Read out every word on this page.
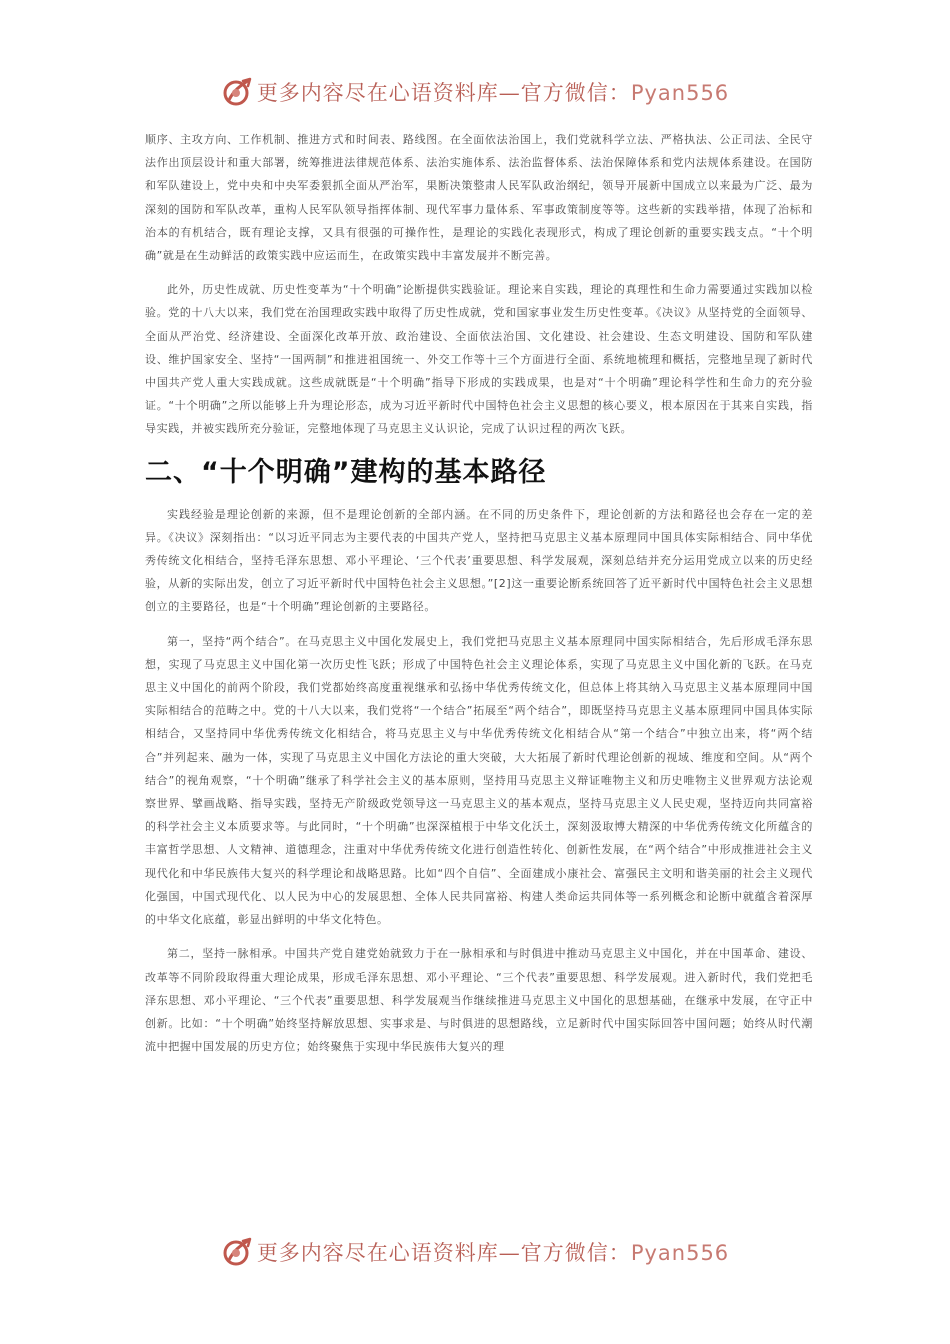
更多内容尽在心语资料库—官方微信：Pyan556

顺序、主攻方向、工作机制、推进方式和时间表、路线图。在全面依法治国上，我们党就科学立法、严格执法、公正司法、全民守法作出顶层设计和重大部署，统筹推进法律规范体系、法治实施体系、法治监督体系、法治保障体系和党内法规体系建设。在国防和军队建设上，党中央和中央军委狠抓全面从严治军，果断决策整肃人民军队政治纲纪，领导开展新中国成立以来最为广泛、最为深刻的国防和军队改革，重构人民军队领导指挥体制、现代军事力量体系、军事政策制度等等。这些新的实践举措，体现了治标和治本的有机结合，既有理论支撑，又具有很强的可操作性，是理论的实践化表现形式，构成了理论创新的重要实践支点。“十个明确”就是在生动鲜活的政策实践中应运而生，在政策实践中丰富发展并不断完善。

此外，历史性成就、历史性变革为“十个明确”论断提供实践验证。理论来自实践，理论的真理性和生命力需要通过实践加以检验。党的十八大以来，我们党在治国理政实践中取得了历史性成就，党和国家事业发生历史性变革。《决议》从坚持党的全面领导、全面从严治党、经济建设、全面深化改革开放、政治建设、全面依法治国、文化建设、社会建设、生态文明建设、国防和军队建设、维护国家安全、坚持“一国两制”和推进祖国统一、外交工作等十三个方面进行全面、系统地梳理和概括，完整地呈现了新时代中国共产党人重大实践成就。这些成就既是“十个明确”指导下形成的实践成果，也是对“十个明确”理论科学性和生命力的充分验证。“十个明确”之所以能够上升为理论形态，成为习近平新时代中国特色社会主义思想的核心要义，根本原因在于其来自实践，指导实践，并被实践所充分验证，完整地体现了马克思主义认识论，完成了认识过程的两次飞跃。

二、“十个明确”建构的基本路径

实践经验是理论创新的来源，但不是理论创新的全部内涵。在不同的历史条件下，理论创新的方法和路径也会存在一定的差异。《决议》深刻指出：“以习近平同志为主要代表的中国共产党人，坚持把马克思主义基本原理同中国具体实际相结合、同中华优秀传统文化相结合，坚持毛泽东思想、邓小平理论、‘三个代表’重要思想、科学发展观，深刻总结并充分运用党成立以来的历史经验，从新的实际出发，创立了习近平新时代中国特色社会主义思想。”[2]这一重要论断系统回答了近平新时代中国特色社会主义思想创立的主要路径，也是“十个明确”理论创新的主要路径。

第一，坚持“两个结合”。在马克思主义中国化发展史上，我们党把马克思主义基本原理同中国实际相结合，先后形成毛泽东思想，实现了马克思主义中国化第一次历史性飞跃；形成了中国特色社会主义理论体系，实现了马克思主义中国化新的飞跃。在马克思主义中国化的前两个阶段，我们党都始终高度重视继承和弘扬中华优秀传统文化，但总体上将其纳入马克思主义基本原理同中国实际相结合的范畴之中。党的十八大以来，我们党将“一个结合”拓展至“两个结合”，即既坚持马克思主义基本原理同中国具体实际相结合，又坚持同中华优秀传统文化相结合，将马克思主义与中华优秀传统文化相结合从“第一个结合”中独立出来，将“两个结合”并列起来、融为一体，实现了马克思主义中国化方法论的重大突破，大大拓展了新时代理论创新的视域、维度和空间。从“两个结合”的视角观察，“十个明确”继承了科学社会主义的基本原则，坚持用马克思主义辩证唯物主义和历史唯物主义世界观方法论观察世界、擘画战略、指导实践，坚持无产阶级政党领导这一马克思主义的基本观点，坚持马克思主义人民史观，坚持迈向共同富裕的科学社会主义本质要求等。与此同时，“十个明确”也深深植根于中华文化沃土，深刻汲取博大精深的中华优秀传统文化所蕴含的丰富哲学思想、人文精神、道德理念，注重对中华优秀传统文化进行创造性转化、创新性发展，在“两个结合”中形成推进社会主义现代化和中华民族伟大复兴的科学理论和战略思路。比如“四个自信”、全面建成小康社会、富强民主文明和谐美丽的社会主义现代化强国，中国式现代化、以人民为中心的发展思想、全体人民共同富裕、构建人类命运共同体等一系列概念和论断中就蕴含着深厚的中华文化底蕴，彰显出鲜明的中华文化特色。

第二，坚持一脉相承。中国共产党自建党始就致力于在一脉相承和与时俱进中推动马克思主义中国化，并在中国革命、建设、改革等不同阶段取得重大理论成果，形成毛泽东思想、邓小平理论、“三个代表”重要思想、科学发展观。进入新时代，我们党把毛泽东思想、邓小平理论、“三个代表”重要思想、科学发展观当作继续推进马克思主义中国化的思想基础，在继承中发展，在守正中创新。比如：“十个明确”始终坚持解放思想、实事求是、与时俱进的思想路线，立足新时代中国实际回答中国问题；始终从时代潮流中把握中国发展的历史方位；始终聚焦于实现中华民族伟大复兴的理

更多内容尽在心语资料库—官方微信：Pyan556
